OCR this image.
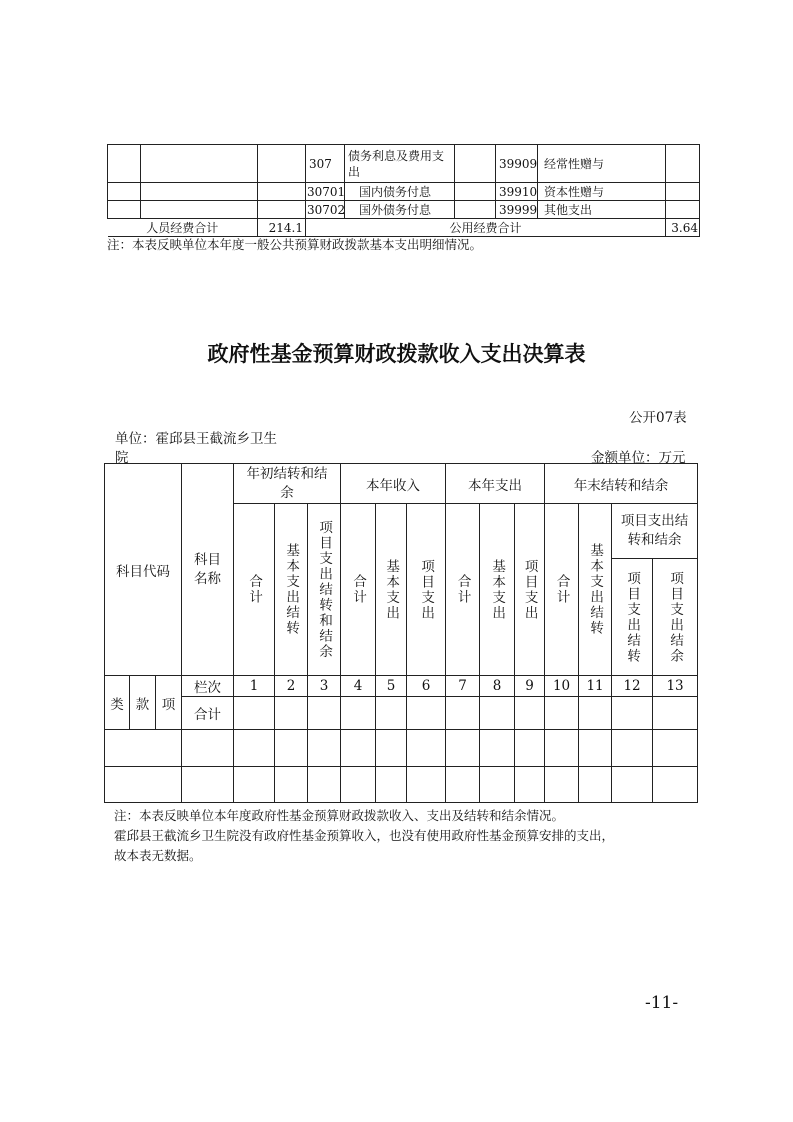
			307	债务利息及费用支出		39909	经常性赠与	
			30701	国内债务付息		39910	资本性赠与	
			30702	国外债务付息		39999	其他支出	
人员经费合计		214.1	公用经费合计					3.64
注：本表反映单位本年度一般公共预算财政拨款基本支出明细情况。
政府性基金预算财政拨款收入支出决算表
公开07表
单位：霍邱县王截流乡卫生
院	金额单位：万元
科目代码			科目名称	年初结转和结余			本年收入			本年支出			年末结转和结余			

				合计	基本支出结转	项目支出结转和结余	合计	基本支出	项目支出	合计	基本支出	项目支出	合计	基本支出结转	项目支出结转和结余	

															项目支出结转	项目支出结余

类	款	项	栏次	1	2	3	4	5	6	7	8	9	10	11	12	13
			合计													

注：本表反映单位本年度政府性基金预算财政拨款收入、支出及结转和结余情况。
霍邱县王截流乡卫生院没有政府性基金预算收入，也没有使用政府性基金预算安排的支出，
故本表无数据。
-11-
